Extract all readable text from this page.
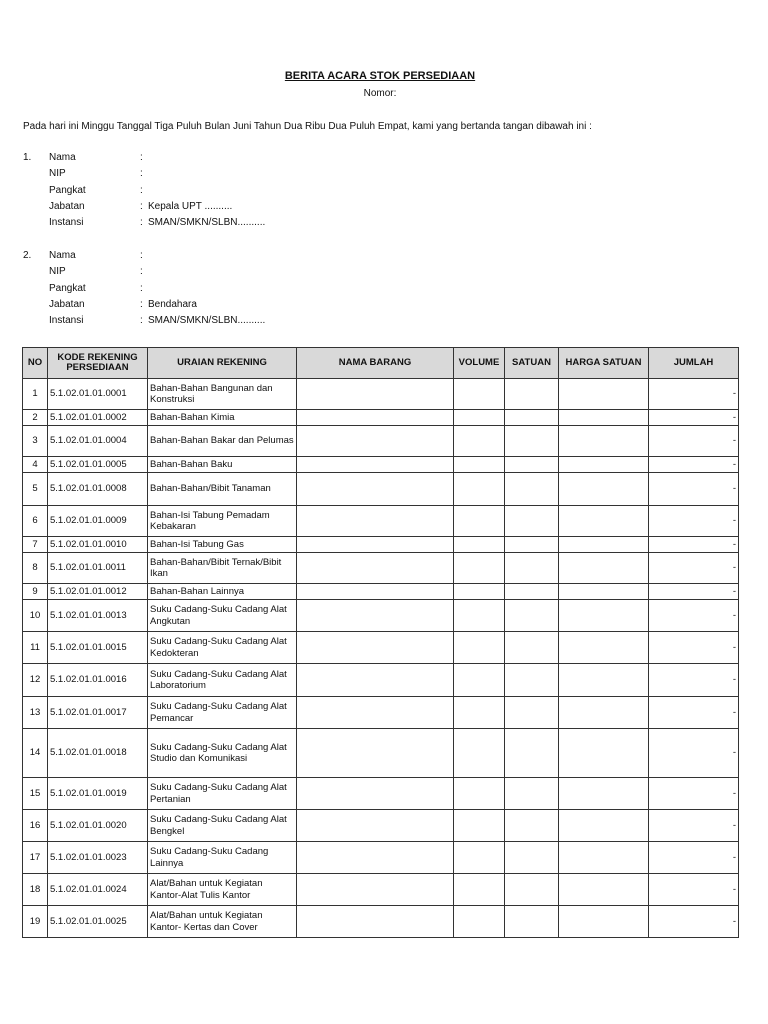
BERITA ACARA STOK PERSEDIAAN
Nomor:
Pada hari ini Minggu Tanggal Tiga Puluh Bulan Juni Tahun Dua Ribu Dua Puluh Empat, kami yang bertanda tangan dibawah ini :
1. Nama	:
NIP	:
Pangkat	:
Jabatan	: Kepala UPT ..........
Instansi	: SMAN/SMKN/SLBN..........
2. Nama	:
NIP	:
Pangkat	:
Jabatan	: Bendahara
Instansi	: SMAN/SMKN/SLBN..........
NO	KODE REKENING PERSEDIAAN	URAIAN REKENING	NAMA BARANG	VOLUME	SATUAN	HARGA SATUAN	JUMLAH
1	5.1.02.01.01.0001	Bahan-Bahan Bangunan dan Konstruksi					-
2	5.1.02.01.01.0002	Bahan-Bahan Kimia					-
3	5.1.02.01.01.0004	Bahan-Bahan Bakar dan Pelumas					-
4	5.1.02.01.01.0005	Bahan-Bahan Baku					-
5	5.1.02.01.01.0008	Bahan-Bahan/Bibit Tanaman					-
6	5.1.02.01.01.0009	Bahan-Isi Tabung Pemadam Kebakaran					-
7	5.1.02.01.01.0010	Bahan-Isi Tabung Gas					-
8	5.1.02.01.01.0011	Bahan-Bahan/Bibit Ternak/Bibit Ikan					-
9	5.1.02.01.01.0012	Bahan-Bahan Lainnya					-
10	5.1.02.01.01.0013	Suku Cadang-Suku Cadang Alat Angkutan					-
11	5.1.02.01.01.0015	Suku Cadang-Suku Cadang Alat Kedokteran					-
12	5.1.02.01.01.0016	Suku Cadang-Suku Cadang Alat Laboratorium					-
13	5.1.02.01.01.0017	Suku Cadang-Suku Cadang Alat Pemancar					-
14	5.1.02.01.01.0018	Suku Cadang-Suku Cadang Alat Studio dan Komunikasi					-
15	5.1.02.01.01.0019	Suku Cadang-Suku Cadang Alat Pertanian					-
16	5.1.02.01.01.0020	Suku Cadang-Suku Cadang Alat Bengkel					-
17	5.1.02.01.01.0023	Suku Cadang-Suku Cadang Lainnya					-
18	5.1.02.01.01.0024	Alat/Bahan untuk Kegiatan Kantor-Alat Tulis Kantor					-
19	5.1.02.01.01.0025	Alat/Bahan untuk Kegiatan Kantor- Kertas dan Cover					-
